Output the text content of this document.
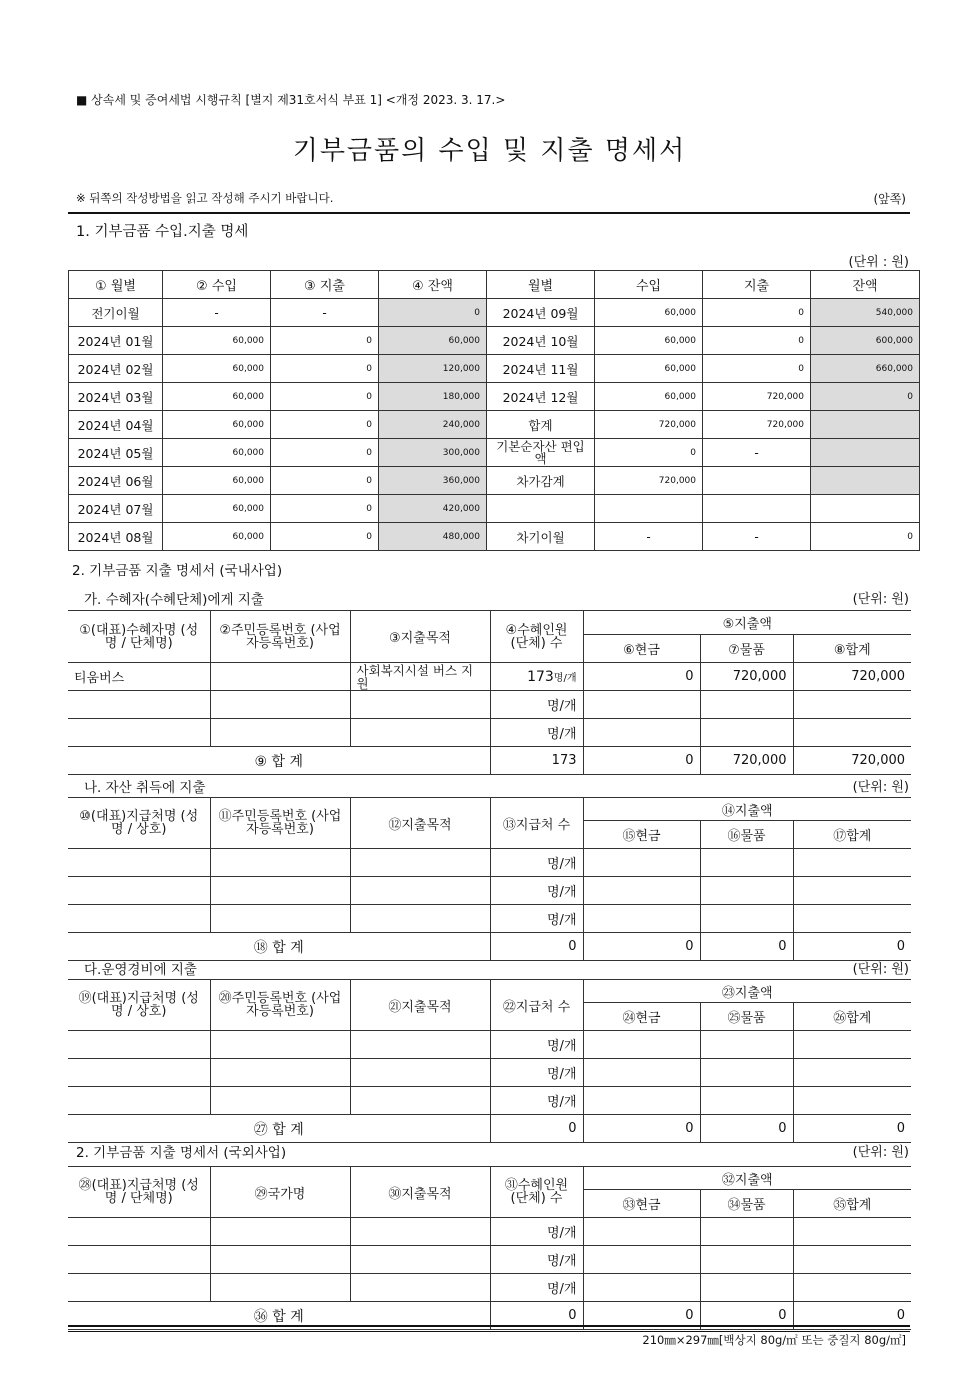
■ 상속세 및 증여세법 시행규칙 [별지 제31호서식 부표 1] <개정 2023. 3. 17.>
기부금품의 수입 및 지출 명세서
※ 뒤쪽의 작성방법을 읽고 작성해 주시기 바랍니다.	(앞쪽)
1. 기부금품 수입.지출 명세
(단위 : 원)
① 월별	② 수입	③ 지출	④ 잔액	월별	수입	지출	잔액
전기이월	-	-	0	2024년 09월	60,000	0	540,000
2024년 01월	60,000	0	60,000	2024년 10월	60,000	0	600,000
2024년 02월	60,000	0	120,000	2024년 11월	60,000	0	660,000
2024년 03월	60,000	0	180,000	2024년 12월	60,000	720,000	0
2024년 04월	60,000	0	240,000	합계	720,000	720,000	
2024년 05월	60,000	0	300,000	기본순자산 편입액	0	-	
2024년 06월	60,000	0	360,000	차가감계	720,000		
2024년 07월	60,000	0	420,000				
2024년 08월	60,000	0	480,000	차기이월	-	-	0
2. 기부금품 지출 명세서 (국내사업)
가. 수혜자(수혜단체)에게 지출	(단위: 원)
①(대표)수혜자명 (성명 / 단체명)	②주민등록번호 (사업자등록번호)	③지출목적	④수혜인원 (단체) 수	⑤지출액		
				⑥현금	⑦물품	⑧합계
티움버스		사회복지시설 버스 지원	173명/개	0	720,000	720,000
			명/개			
			명/개			
⑨ 합 계			173	0	720,000	720,000
나. 자산 취득에 지출	(단위: 원)
⑩(대표)지급처명 (성명 / 상호)	⑪주민등록번호 (사업자등록번호)	⑫지출목적	⑬지급처 수	⑭지출액		
				⑮현금	⑯물품	⑰합계
			명/개			
			명/개			
			명/개			
⑱ 합 계			0	0	0	0
다.운영경비에 지출	(단위: 원)
⑲(대표)지급처명 (성명 / 상호)	⑳주민등록번호 (사업자등록번호)	㉑지출목적	㉒지급처 수	㉓지출액		
				㉔현금	㉕물품	㉖합계
			명/개			
			명/개			
			명/개			
㉗ 합 계			0	0	0	0
2. 기부금품 지출 명세서 (국외사업)	(단위: 원)
㉘(대표)지급처명 (성명 / 단체명)	㉙국가명	㉚지출목적	㉛수혜인원 (단체) 수	㉜지출액		
				㉝현금	㉞물품	㉟합계
			명/개			
			명/개			
			명/개			
㊱ 합 계			0	0	0	0
210㎜×297㎜[백상지 80g/㎡ 또는 중질지 80g/㎡]
